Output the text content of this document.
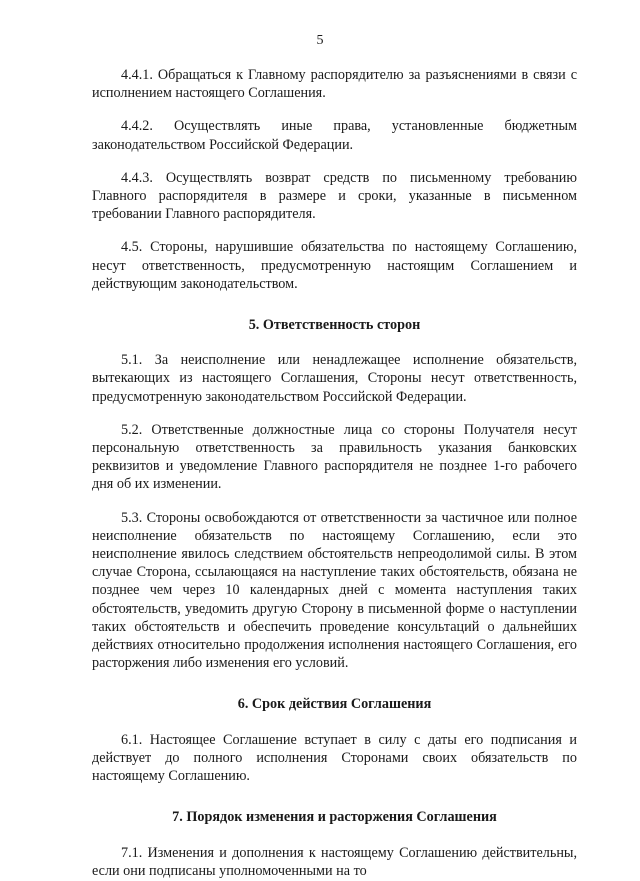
5

4.4.1. Обращаться к Главному распорядителю за разъяснениями в связи с исполнением настоящего Соглашения.

4.4.2. Осуществлять иные права, установленные бюджетным законодательством Российской Федерации.

4.4.3. Осуществлять возврат средств по письменному требованию Главного распорядителя в размере и сроки, указанные в письменном требовании Главного распорядителя.

4.5. Стороны, нарушившие обязательства по настоящему Соглашению, несут ответственность, предусмотренную настоящим Соглашением и действующим законодательством.

5. Ответственность сторон

5.1. За неисполнение или ненадлежащее исполнение обязательств, вытекающих из настоящего Соглашения, Стороны несут ответственность, предусмотренную законодательством Российской Федерации.

5.2. Ответственные должностные лица со стороны Получателя несут персональную ответственность за правильность указания банковских реквизитов и уведомление Главного распорядителя не позднее 1-го рабочего дня об их изменении.

5.3. Стороны освобождаются от ответственности за частичное или полное неисполнение обязательств по настоящему Соглашению, если это неисполнение явилось следствием обстоятельств непреодолимой силы. В этом случае Сторона, ссылающаяся на наступление таких обстоятельств, обязана не позднее чем через 10 календарных дней с момента наступления таких обстоятельств, уведомить другую Сторону в письменной форме о наступлении таких обстоятельств и обеспечить проведение консультаций о дальнейших действиях относительно продолжения исполнения настоящего Соглашения, его расторжения либо изменения его условий.

6. Срок действия Соглашения

6.1. Настоящее Соглашение вступает в силу с даты его подписания и действует до полного исполнения Сторонами своих обязательств по настоящему Соглашению.

7. Порядок изменения и расторжения Соглашения

7.1. Изменения и дополнения к настоящему Соглашению действительны, если они подписаны уполномоченными на то
